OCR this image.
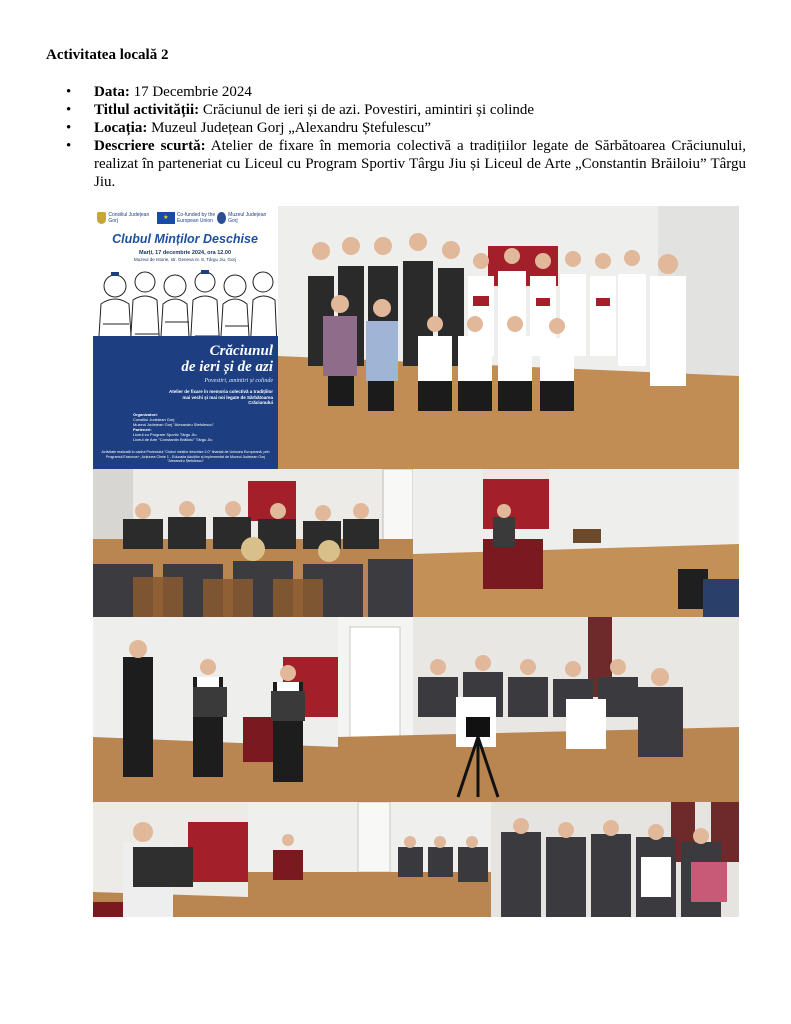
Activitatea locală 2
• Data: 17 Decembrie 2024
• Titlul activității: Crăciunul de ieri și de azi. Povestiri, amintiri și colinde
• Locația: Muzeul Județean Gorj „Alexandru Ștefulescu”
• Descriere scurtă: Atelier de fixare în memoria colectivă a tradițiilor legate de Sărbătoarea Crăciunului, realizat în parteneriat cu Liceul cu Program Sportiv Târgu Jiu și Liceul de Arte „Constantin Brăiloiu” Târgu Jiu.
Consiliul Județean Gorj	★	Co-funded by the European Union
Muzeul Județean Gorj
Clubul Minților Deschise
Marți, 17 decembrie 2024, ora 12.00
Muzeul de Istorie, str. Geneva nr. 8, Târgu Jiu, Gorj
Crăciunul
de ieri și de azi
Povestiri, amintiri și colinde
Atelier de fixare în memoria colectivă a tradițiilor mai vechi și mai noi legate de Sărbătoarea Crăciunului
Organizatori:
Consiliul Județean Gorj
Muzeul Județean Gorj "Alexandru Ștefulescu"
Parteneri:
Liceul cu Program Sportiv Târgu Jiu
Liceul de Arte "Constantin Brăiloiu" Târgu Jiu
Activitate realizată în cadrul Proiectului "Clubul minților deschise 2.0" finanțat de Uniunea Europeană, prin Programul Erasmus+, Acțiunea Cheie 1 - Educația Adulților și implementat de Muzeul Județean Gorj "Alexandru Ștefulescu"
